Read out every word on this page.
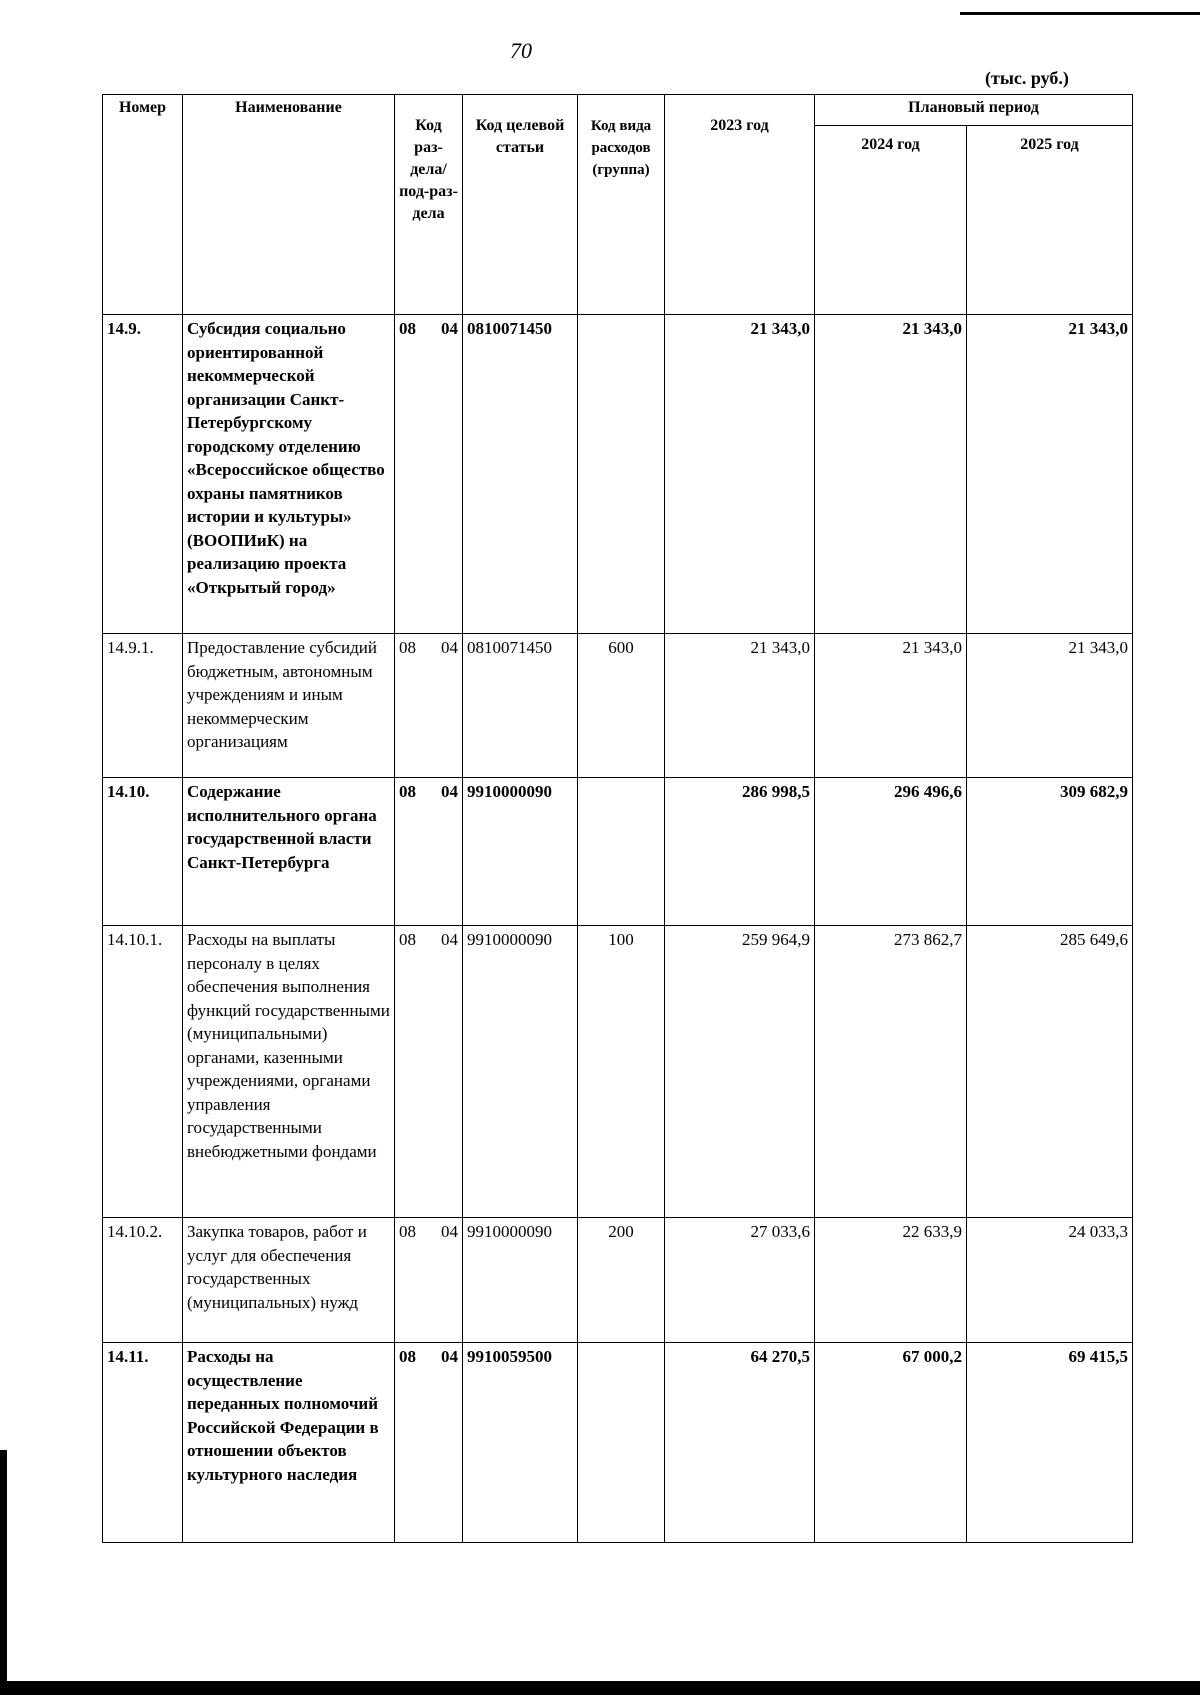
70
(тыс. руб.)
Номер	Наименование	Код раз-дела/ под-раз-дела	Код целевой статьи	Код вида расходов (группа)	2023 год	Плановый период	
						2024 год	2025 год
14.9.	Субсидия социально ориентированной некоммерческой организации Санкт-Петербургскому городскому отделению «Всероссийское общество охраны памятников истории и культуры» (ВООПИиК) на реализацию проекта «Открытый город»	08 04	0810071450		21 343,0	21 343,0	21 343,0
14.9.1.	Предоставление субсидий бюджетным, автономным учреждениям и иным некоммерческим организациям	08 04	0810071450	600	21 343,0	21 343,0	21 343,0
14.10.	Содержание исполнительного органа государственной власти Санкт-Петербурга	08 04	9910000090		286 998,5	296 496,6	309 682,9
14.10.1.	Расходы на выплаты персоналу в целях обеспечения выполнения функций государственными (муниципальными) органами, казенными учреждениями, органами управления государственными внебюджетными фондами	08 04	9910000090	100	259 964,9	273 862,7	285 649,6
14.10.2.	Закупка товаров, работ и услуг для обеспечения государственных (муниципальных) нужд	08 04	9910000090	200	27 033,6	22 633,9	24 033,3
14.11.	Расходы на осуществление переданных полномочий Российской Федерации в отношении объектов культурного наследия	08 04	9910059500		64 270,5	67 000,2	69 415,5
